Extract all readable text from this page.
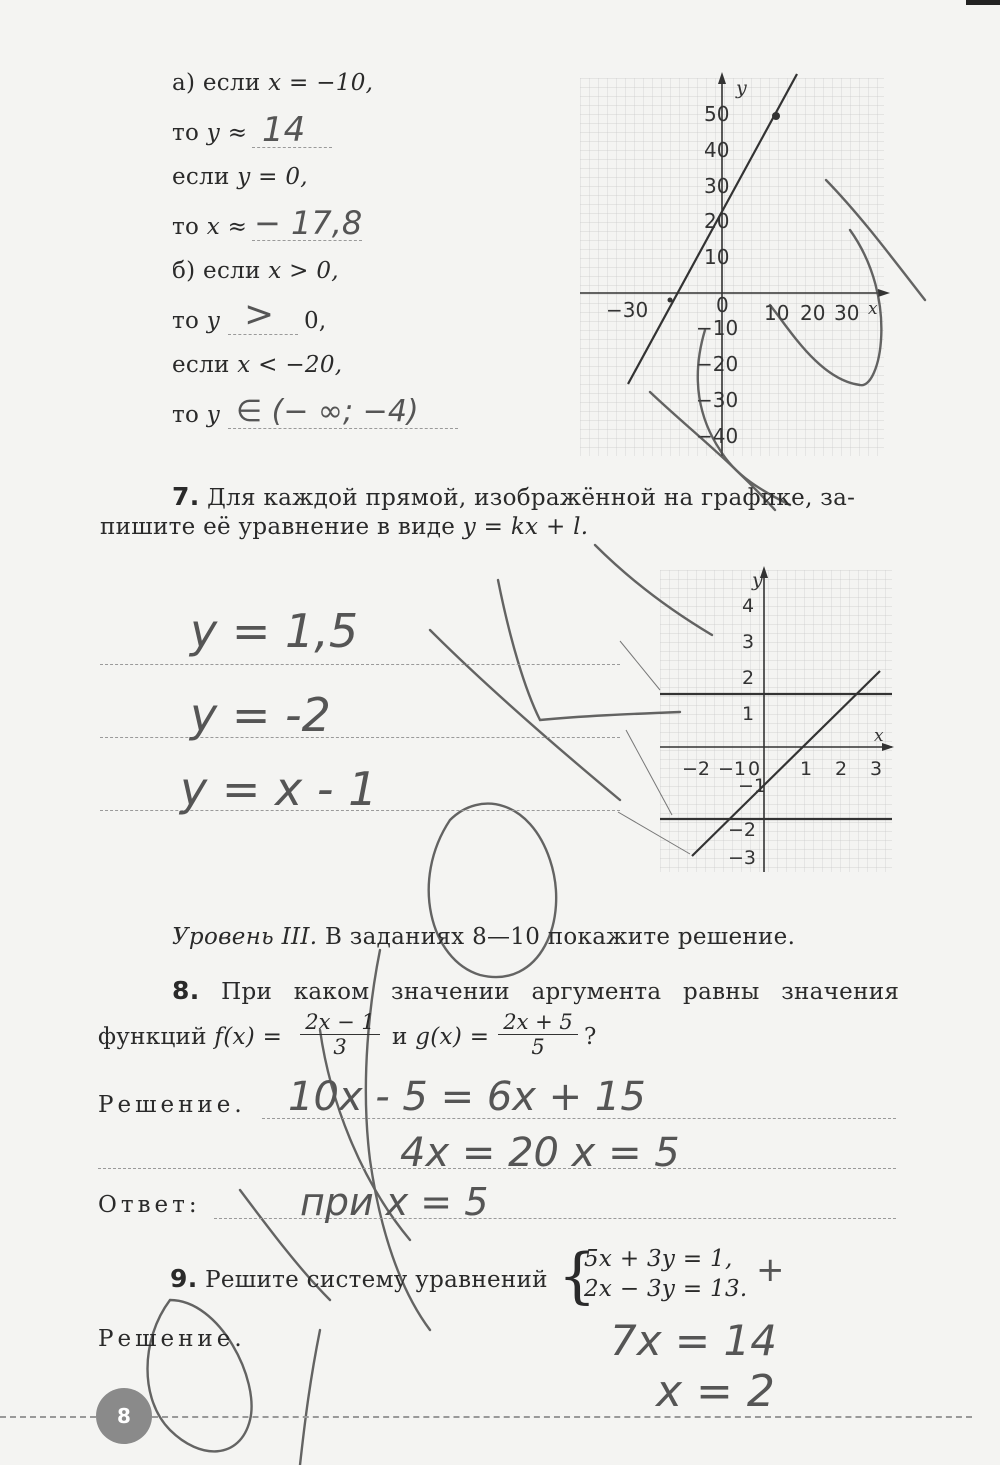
а) если x = −10,
то y ≈ 14
если y = 0,
то x ≈ − 17,8
б) если x > 0,
то y > 0,
если x < −20,
то y ∈ (− ∞; −4)
y
x
50
40
30
20
10
−10
−20
−30
−40
−30	0 10 20 30
y
x
4
3
2
1
−1
−2
−3
−2 −1 0 1 2 3
7. Для каждой прямой, изображённой на графике, за-
пишите её уравнение в виде y = kx + l.
y = 1,5
y = -2
y = x - 1
Уровень III. В заданиях 8—10 покажите решение.
8. При каком значении аргумента равны значения
функций $f(x) = \frac{2x - 1}{3}$ и $g(x) = \frac{2x + 5}{5}$ ?
Решение. 10x - 5 = 6x + 15
4x = 20 x = 5
Ответ:	при x = 5
9. Решите систему уравнений {
5x + 3y = 1,
2x − 3y = 13. +
Решение.	7x = 14
x = 2
8
